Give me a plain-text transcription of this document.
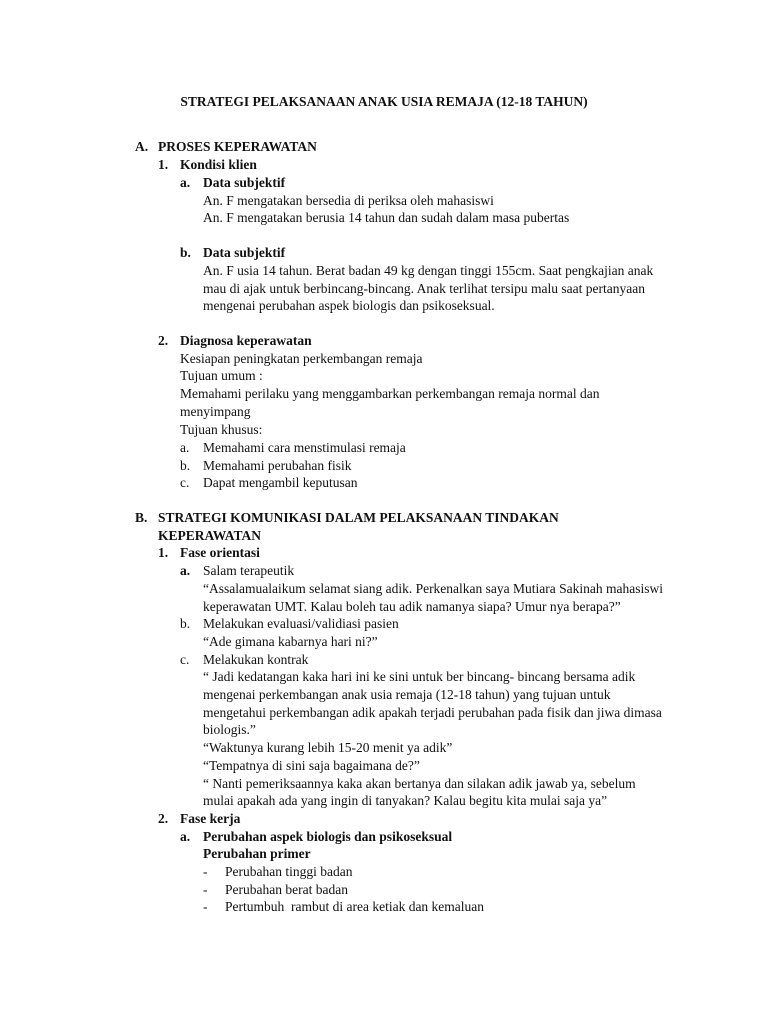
STRATEGI PELAKSANAAN ANAK USIA REMAJA (12-18 TAHUN)
A. PROSES KEPERAWATAN
1. Kondisi klien
a. Data subjektif
An. F mengatakan bersedia di periksa oleh mahasiswi
An. F mengatakan berusia 14 tahun dan sudah dalam masa pubertas
b. Data subjektif
An. F usia 14 tahun. Berat badan 49 kg dengan tinggi 155cm. Saat pengkajian anak
mau di ajak untuk berbincang-bincang. Anak terlihat tersipu malu saat pertanyaan
mengenai perubahan aspek biologis dan psikoseksual.
2. Diagnosa keperawatan
Kesiapan peningkatan perkembangan remaja
Tujuan umum :
Memahami perilaku yang menggambarkan perkembangan remaja normal dan
menyimpang
Tujuan khusus:
a. Memahami cara menstimulasi remaja
b. Memahami perubahan fisik
c. Dapat mengambil keputusan
B. STRATEGI KOMUNIKASI DALAM PELAKSANAAN TINDAKAN
KEPERAWATAN
1. Fase orientasi
a. Salam terapeutik
“Assalamualaikum selamat siang adik. Perkenalkan saya Mutiara Sakinah mahasiswi
keperawatan UMT. Kalau boleh tau adik namanya siapa? Umur nya berapa?”
b. Melakukan evaluasi/validiasi pasien
“Ade gimana kabarnya hari ni?”
c. Melakukan kontrak
“ Jadi kedatangan kaka hari ini ke sini untuk ber bincang- bincang bersama adik
mengenai perkembangan anak usia remaja (12-18 tahun) yang tujuan untuk
mengetahui perkembangan adik apakah terjadi perubahan pada fisik dan jiwa dimasa
biologis.”
“Waktunya kurang lebih 15-20 menit ya adik”
“Tempatnya di sini saja bagaimana de?”
“ Nanti pemeriksaannya kaka akan bertanya dan silakan adik jawab ya, sebelum
mulai apakah ada yang ingin di tanyakan? Kalau begitu kita mulai saja ya”
2. Fase kerja
a. Perubahan aspek biologis dan psikoseksual
Perubahan primer
- Perubahan tinggi badan
- Perubahan berat badan
- Pertumbuh  rambut di area ketiak dan kemaluan
